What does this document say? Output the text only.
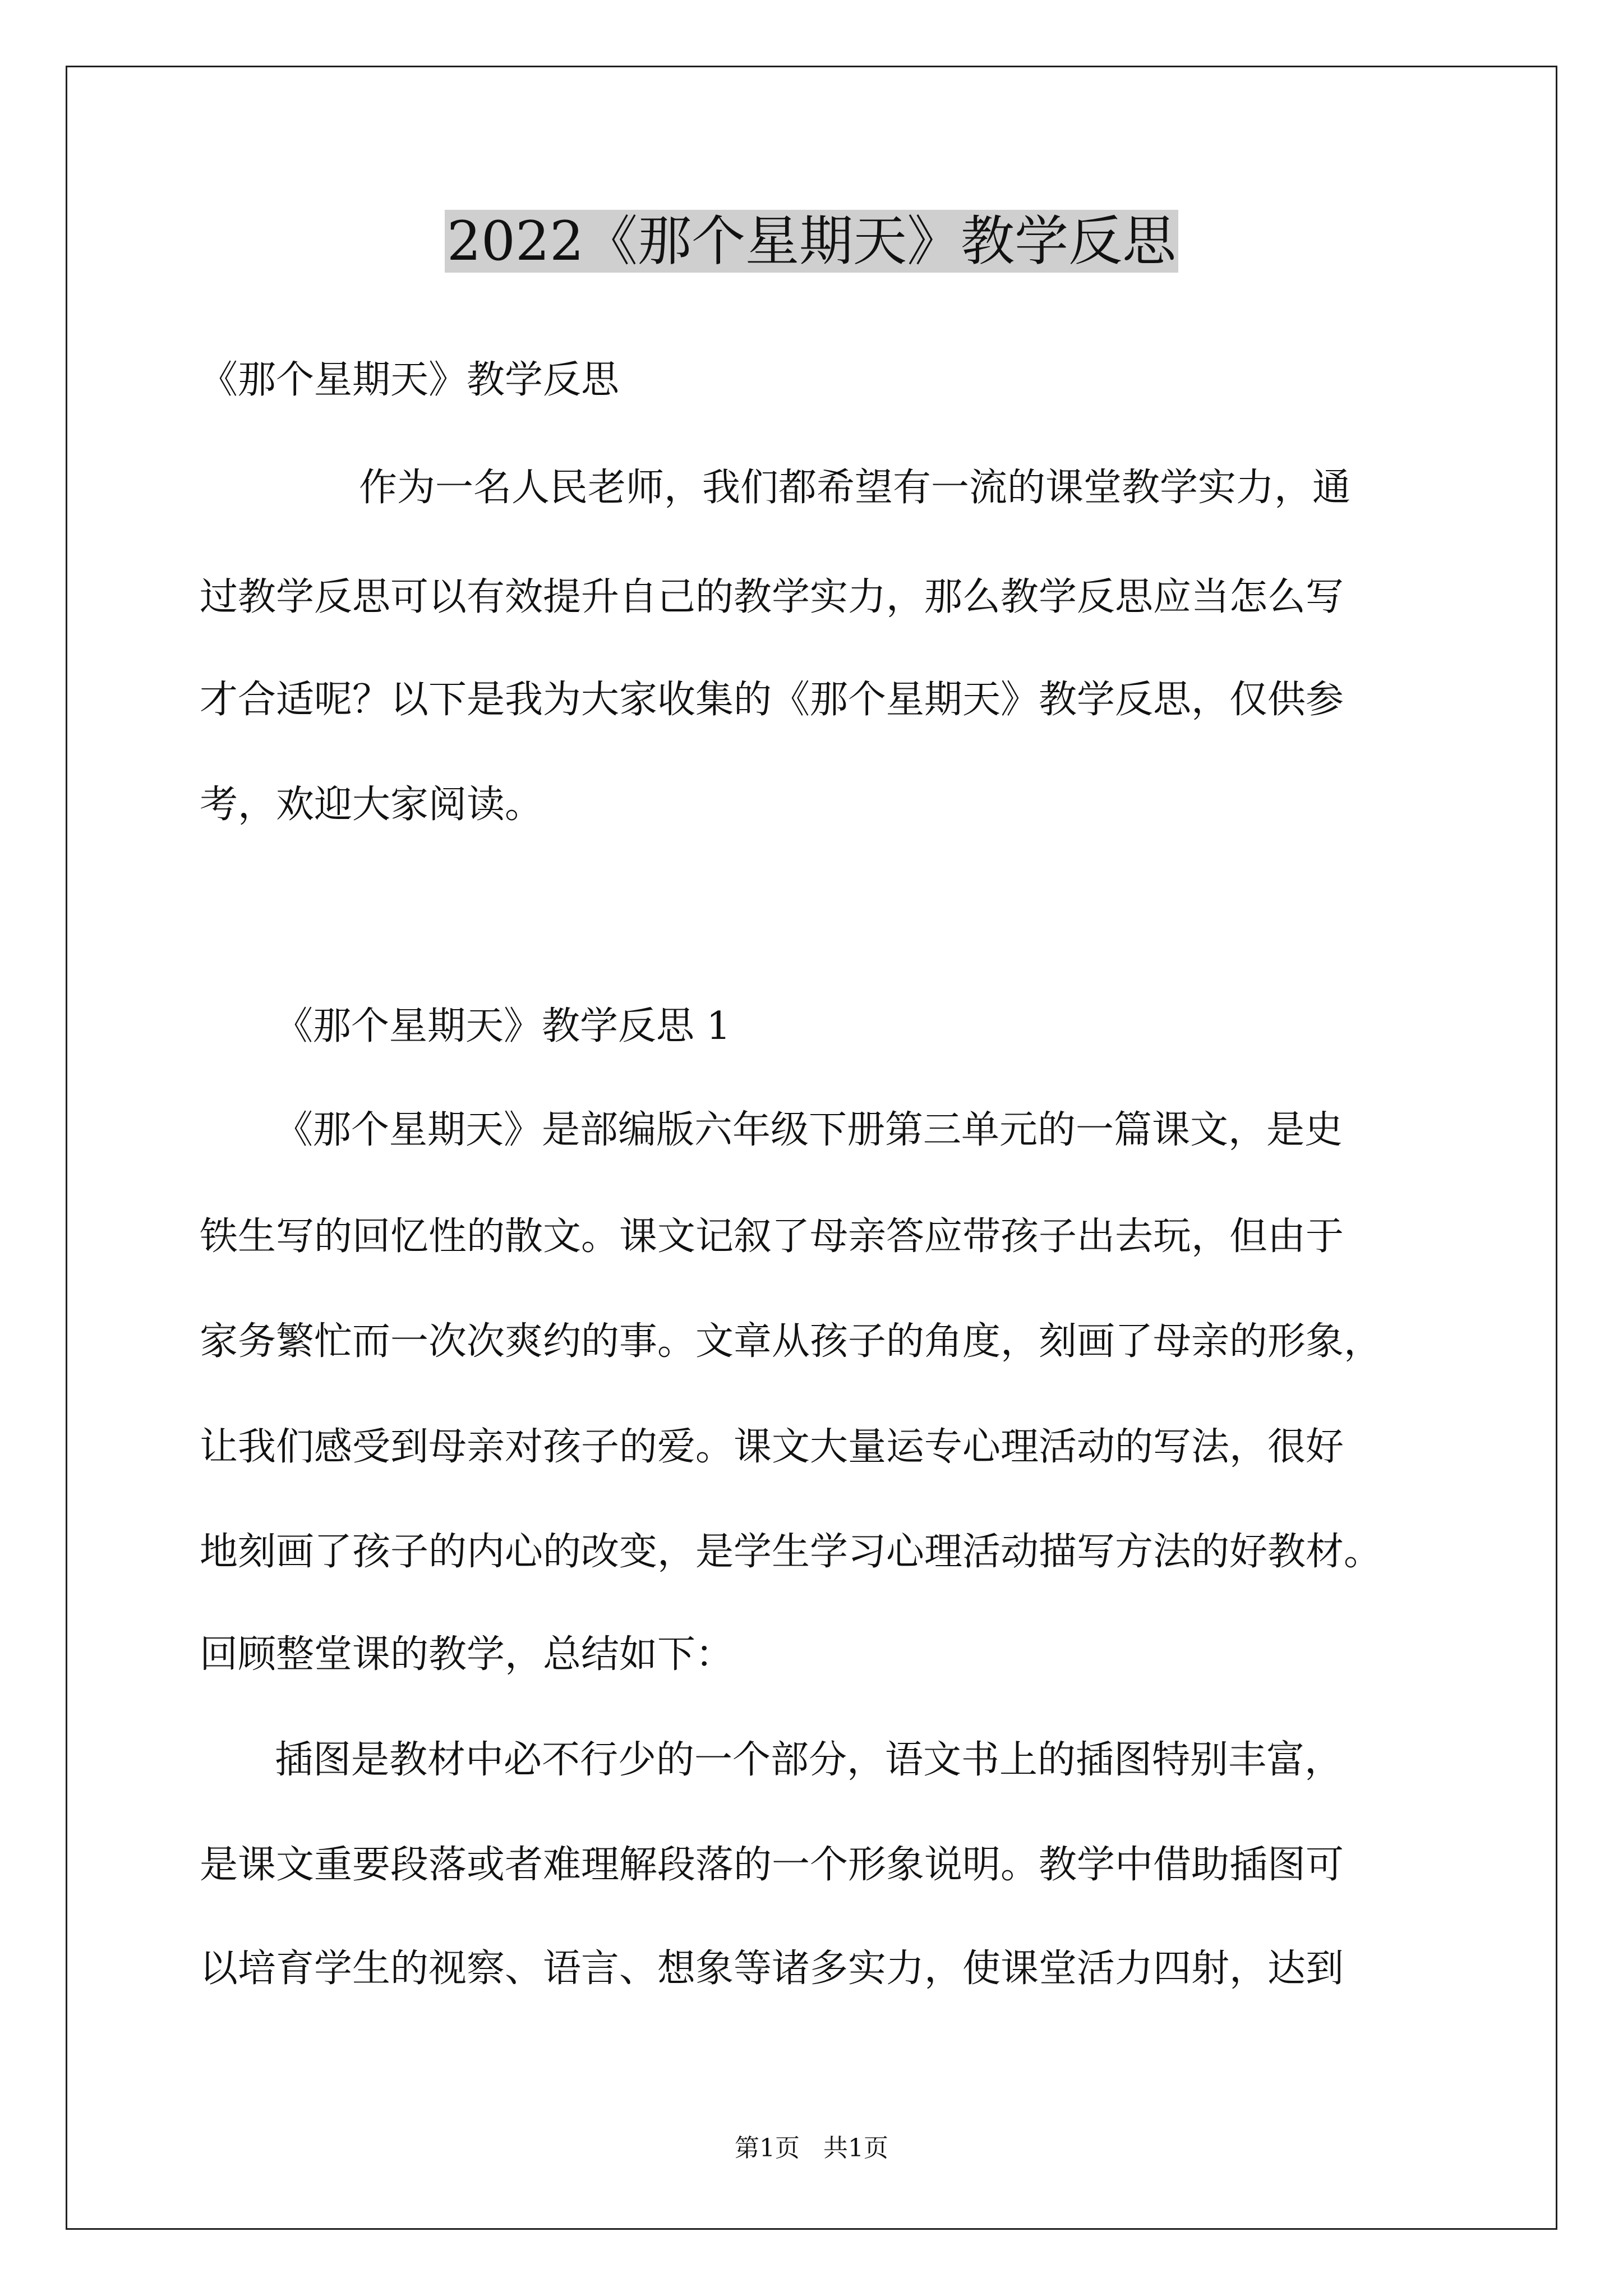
2022《那个星期天》教学反思
《那个星期天》教学反思
作为一名人民老师，我们都希望有一流的课堂教学实力，通
过教学反思可以有效提升自己的教学实力，那么教学反思应当怎么写
才合适呢？以下是我为大家收集的《那个星期天》教学反思，仅供参
考，欢迎大家阅读。
《那个星期天》教学反思 1
《那个星期天》是部编版六年级下册第三单元的一篇课文，是史
铁生写的回忆性的散文。课文记叙了母亲答应带孩子出去玩，但由于
家务繁忙而一次次爽约的事。文章从孩子的角度，刻画了母亲的形象，
让我们感受到母亲对孩子的爱。课文大量运专心理活动的写法，很好
地刻画了孩子的内心的改变，是学生学习心理活动描写方法的好教材。
回顾整堂课的教学，总结如下：
插图是教材中必不行少的一个部分，语文书上的插图特别丰富，
是课文重要段落或者难理解段落的一个形象说明。教学中借助插图可
以培育学生的视察、语言、想象等诸多实力，使课堂活力四射，达到
第1页   共1页
